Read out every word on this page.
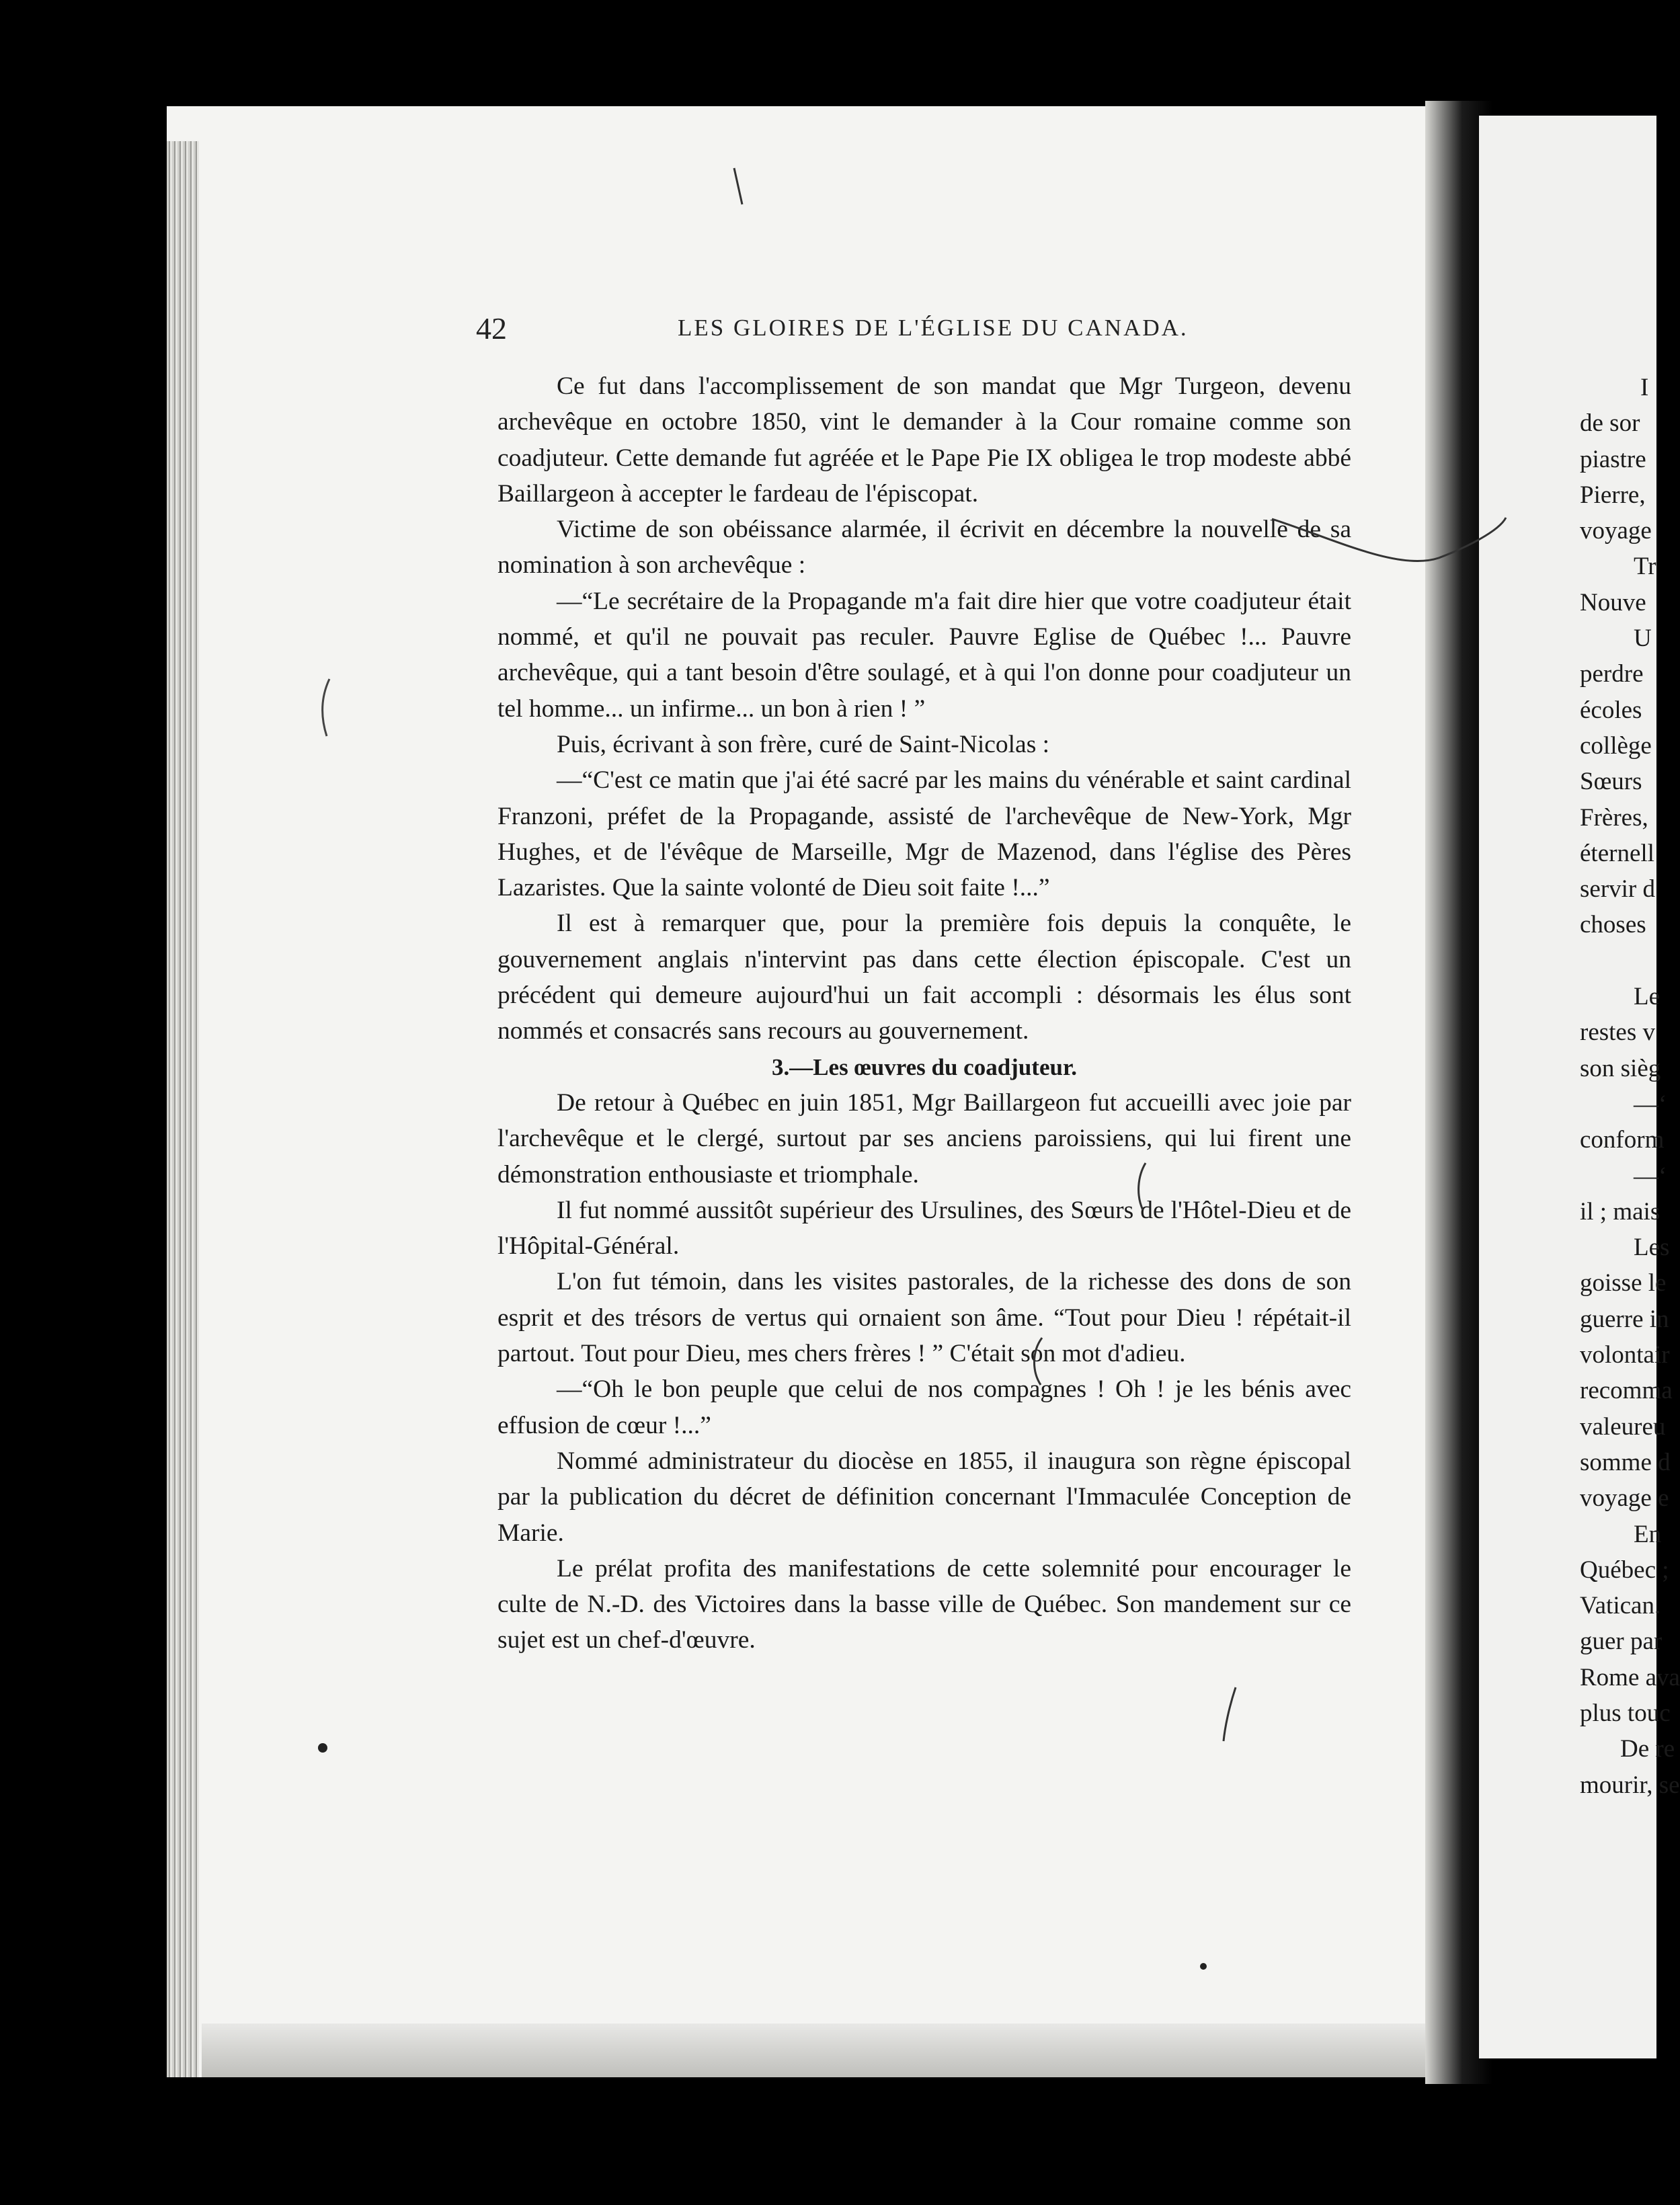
42	LES GLOIRES DE L'ÉGLISE DU CANADA.

Ce fut dans l'accomplissement de son mandat que Mgr Turgeon, devenu archevêque en octobre 1850, vint le demander à la Cour romaine comme son coadjuteur. Cette demande fut agréée et le Pape Pie IX obligea le trop modeste abbé Baillargeon à accepter le fardeau de l'épiscopat.

Victime de son obéissance alarmée, il écrivit en décembre la nouvelle de sa nomination à son archevêque :

—“Le secrétaire de la Propagande m'a fait dire hier que votre coadjuteur était nommé, et qu'il ne pouvait pas reculer. Pauvre Eglise de Québec !... Pauvre archevêque, qui a tant besoin d'être soulagé, et à qui l'on donne pour coadjuteur un tel homme... un infirme... un bon à rien ! ”

Puis, écrivant à son frère, curé de Saint-Nicolas :

—“C'est ce matin que j'ai été sacré par les mains du vénérable et saint cardinal Franzoni, préfet de la Propagande, assisté de l'archevêque de New-York, Mgr Hughes, et de l'évêque de Marseille, Mgr de Mazenod, dans l'église des Pères Lazaristes. Que la sainte volonté de Dieu soit faite !...”

Il est à remarquer que, pour la première fois depuis la conquête, le gouvernement anglais n'intervint pas dans cette élection épiscopale. C'est un précédent qui demeure aujourd'hui un fait accompli : désormais les élus sont nommés et consacrés sans recours au gouvernement.

3.—Les œuvres du coadjuteur.

De retour à Québec en juin 1851, Mgr Baillargeon fut accueilli avec joie par l'archevêque et le clergé, surtout par ses anciens paroissiens, qui lui firent une démonstration enthousiaste et triomphale.

Il fut nommé aussitôt supérieur des Ursulines, des Sœurs de l'Hôtel-Dieu et de l'Hôpital-Général.

L'on fut témoin, dans les visites pastorales, de la richesse des dons de son esprit et des trésors de vertus qui ornaient son âme. “Tout pour Dieu ! répétait-il partout. Tout pour Dieu, mes chers frères ! ” C'était son mot d'adieu.

—“Oh le bon peuple que celui de nos compagnes ! Oh ! je les bénis avec effusion de cœur !...”

Nommé administrateur du diocèse en 1855, il inaugura son règne épiscopal par la publication du décret de définition concernant l'Immaculée Conception de Marie.

Le prélat profita des manifestations de cette solemnité pour encourager le culte de N.-D. des Victoires dans la basse ville de Québec. Son mandement sur ce sujet est un chef-d'œuvre.

I
de sor
piastre
Pierre,
voyage
Tr
Nouve
U
perdre
écoles
collège
Sœurs
Frères,
éternell
servir d
choses
Le
restes v
son sièg
—‘
conform
—‘
il ; mais
Les
goisse le
guerre in
volontair
recomma
valeureu
somme d
voyage e
En
Québec ;
Vatican.
guer par
Rome ava
plus touc
De re
mourir, se
